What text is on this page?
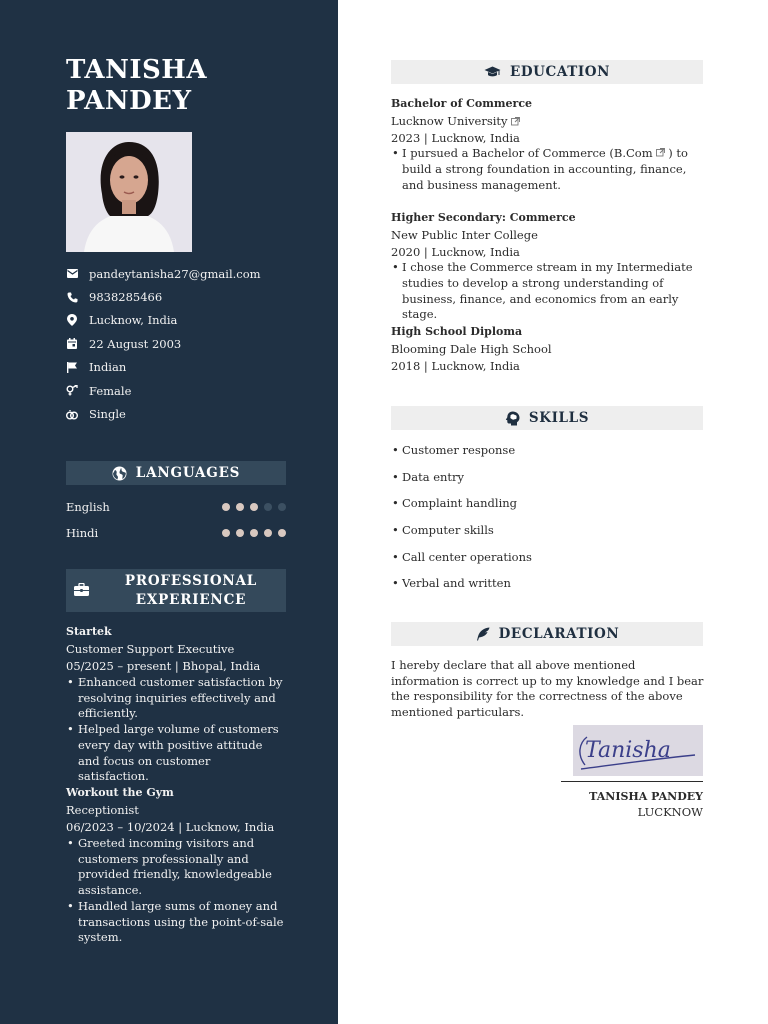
TANISHA PANDEY
pandeytanisha27@gmail.com
9838285466
Lucknow, India
22 August 2003
Indian
Female
Single
LANGUAGES
English
Hindi
PROFESSIONAL EXPERIENCE
Startek
Customer Support Executive
05/2025 – present | Bhopal, India
• Enhanced customer satisfaction by resolving inquiries effectively and efficiently.
• Helped large volume of customers every day with positive attitude and focus on customer satisfaction.
Workout the Gym
Receptionist
06/2023 – 10/2024 | Lucknow, India
• Greeted incoming visitors and customers professionally and provided friendly, knowledgeable assistance.
• Handled large sums of money and transactions using the point-of-sale system.
EDUCATION
Bachelor of Commerce
Lucknow University
2023 | Lucknow, India
• I pursued a Bachelor of Commerce (B.Com ) to build a strong foundation in accounting, finance, and business management.
Higher Secondary: Commerce
New Public Inter College
2020 | Lucknow, India
• I chose the Commerce stream in my Intermediate studies to develop a strong understanding of business, finance, and economics from an early stage.
High School Diploma
Blooming Dale High School
2018 | Lucknow, India
SKILLS
• Customer response
• Data entry
• Complaint handling
• Computer skills
• Call center operations
• Verbal and written
DECLARATION
I hereby declare that all above mentioned information is correct up to my knowledge and I bear the responsibility for the correctness of the above mentioned particulars.
Tanisha
TANISHA PANDEY
LUCKNOW
